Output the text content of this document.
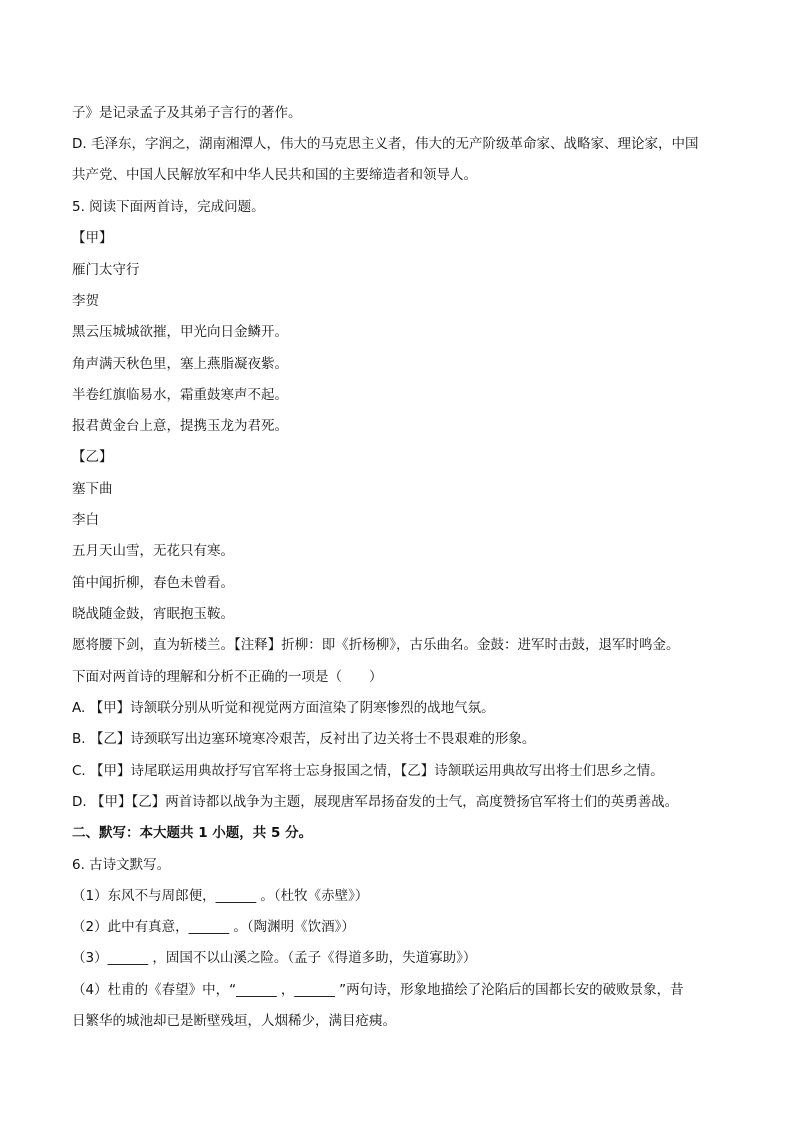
子》是记录孟子及其弟子言行的著作。
D. 毛泽东，字润之，湖南湘潭人，伟大的马克思主义者，伟大的无产阶级革命家、战略家、理论家，中国
共产党、中国人民解放军和中华人民共和国的主要缔造者和领导人。
5. 阅读下面两首诗，完成问题。
【甲】
雁门太守行
李贺
黑云压城城欲摧，甲光向日金鳞开。
角声满天秋色里，塞上燕脂凝夜紫。
半卷红旗临易水，霜重鼓寒声不起。
报君黄金台上意，提携玉龙为君死。
【乙】
塞下曲
李白
五月天山雪，无花只有寒。
笛中闻折柳，春色未曾看。
晓战随金鼓，宵眠抱玉鞍。
愿将腰下剑，直为斩楼兰。【注释】折柳：即《折杨柳》，古乐曲名。金鼓：进军时击鼓，退军时鸣金。
下面对两首诗的理解和分析不正确的一项是（　　）
A. 【甲】诗颔联分别从听觉和视觉两方面渲染了阴寒惨烈的战地气氛。
B. 【乙】诗颈联写出边塞环境寒冷艰苦，反衬出了边关将士不畏艰难的形象。
C. 【甲】诗尾联运用典故抒写官军将士忘身报国之情，【乙】诗颔联运用典故写出将士们思乡之情。
D. 【甲】【乙】两首诗都以战争为主题，展现唐军昂扬奋发的士气，高度赞扬官军将士们的英勇善战。
二、默写：本大题共 1 小题，共 5 分。
6. 古诗文默写。
（1）东风不与周郎便，______ 。（杜牧《赤壁》）
（2）此中有真意，______ 。（陶渊明《饮酒》）
（3）______ ，固国不以山溪之险。（孟子《得道多助，失道寡助》）
（4）杜甫的《春望》中，“______ ，______ ”两句诗，形象地描绘了沦陷后的国都长安的破败景象，昔
日繁华的城池却已是断壁残垣，人烟稀少，满目疮痍。
